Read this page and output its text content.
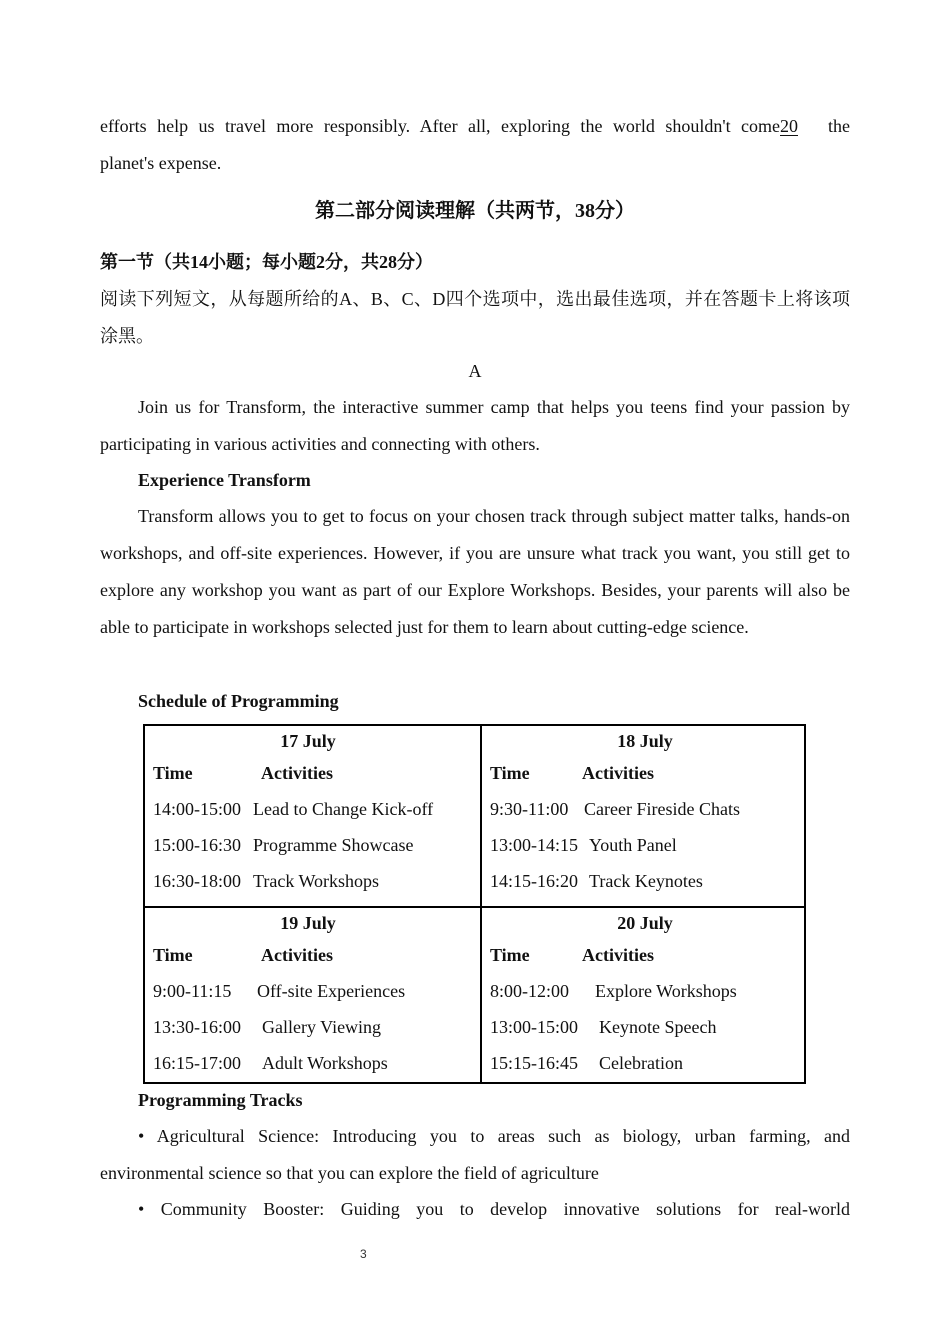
efforts help us travel more responsibly. After all, exploring the world shouldn't come20 the

planet's expense.

第二部分阅读理解（共两节，38分）
第一节（共14小题；每小题2分，共28分）

阅读下列短文，从每题所给的A、B、C、D四个选项中，选出最佳选项，并在答题卡上将该项涂黑。

A

Join us for Transform, the interactive summer camp that helps you teens find your passion by participating in various activities and connecting with others.

Experience Transform

Transform allows you to get to focus on your chosen track through subject matter talks, hands-on workshops, and off-site experiences. However, if you are unsure what track you want, you still get to explore any workshop you want as part of our Explore Workshops. Besides, your parents will also be able to participate in workshops selected just for them to learn about cutting-edge science.

Schedule of Programming
17 July
Time	Activities
14:00-15:00 Lead to Change Kick-off
15:00-16:30 Programme Showcase
16:30-18:00 Track Workshops
18 July
Time	Activities
9:30-11:00 Career Fireside Chats
13:00-14:15 Youth Panel
14:15-16:20 Track Keynotes
19 July
Time	Activities
9:00-11:15 Off-site Experiences
13:30-16:00 Gallery Viewing
16:15-17:00 Adult Workshops
20 July
Time	Activities
8:00-12:00 Explore Workshops
13:00-15:00 Keynote Speech
15:15-16:45 Celebration
Programming Tracks

• Agricultural Science: Introducing you to areas such as biology, urban farming, and environmental science so that you can explore the field of agriculture

• Community Booster: Guiding you to develop innovative solutions for real-world

3
